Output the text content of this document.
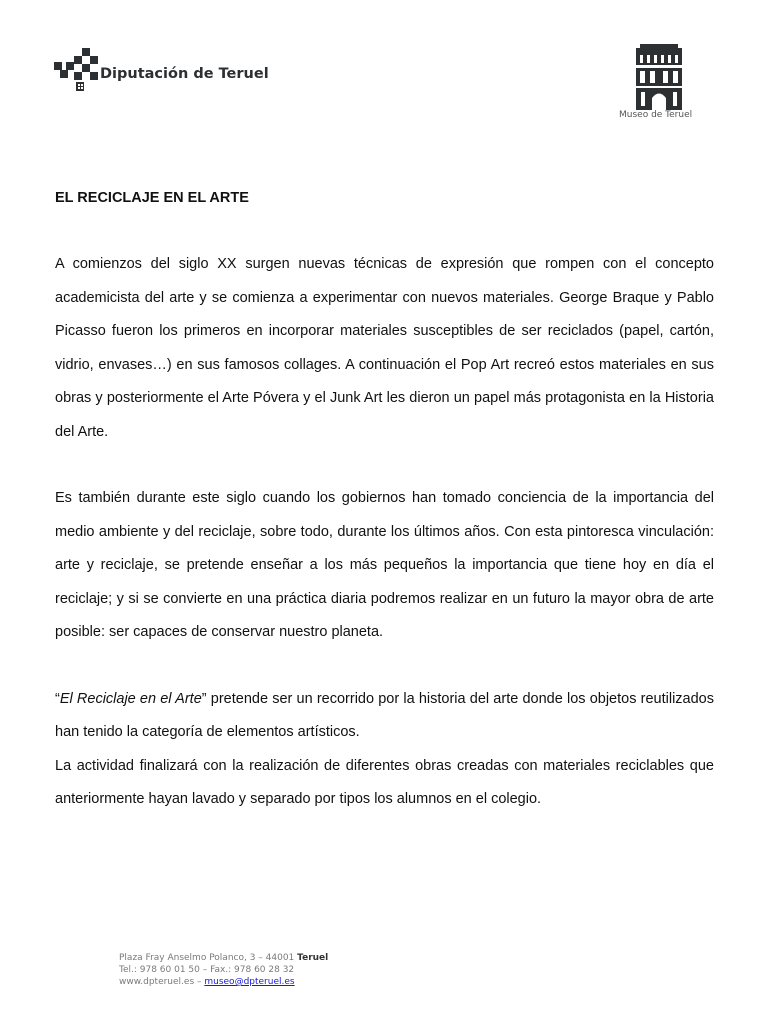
Diputación de Teruel
Museo de Teruel

EL RECICLAJE EN EL ARTE

A comienzos del siglo XX surgen nuevas técnicas de expresión que rompen con el concepto academicista del arte y se comienza a experimentar con nuevos materiales. George Braque y Pablo Picasso fueron los primeros en incorporar materiales susceptibles de ser reciclados (papel, cartón, vidrio, envases…) en sus famosos collages. A continuación el Pop Art recreó estos materiales en sus obras y posteriormente el Arte Póvera y el Junk Art les dieron un papel más protagonista en la Historia del Arte.

Es también durante este siglo cuando los gobiernos han tomado conciencia de la importancia del medio ambiente y del reciclaje, sobre todo, durante los últimos años. Con esta pintoresca vinculación: arte y reciclaje, se pretende enseñar a los más pequeños la importancia que tiene hoy en día el reciclaje; y si se convierte en una práctica diaria podremos realizar en un futuro la mayor obra de arte posible: ser capaces de conservar nuestro planeta.

“El Reciclaje en el Arte” pretende ser un recorrido por la historia del arte donde los objetos reutilizados han tenido la categoría de elementos artísticos.

La actividad finalizará con la realización de diferentes obras creadas con materiales reciclables que anteriormente hayan lavado y separado por tipos los alumnos en el colegio.

Plaza Fray Anselmo Polanco, 3 – 44001 Teruel
Tel.: 978 60 01 50 – Fax.: 978 60 28 32
www.dpteruel.es – museo@dpteruel.es
